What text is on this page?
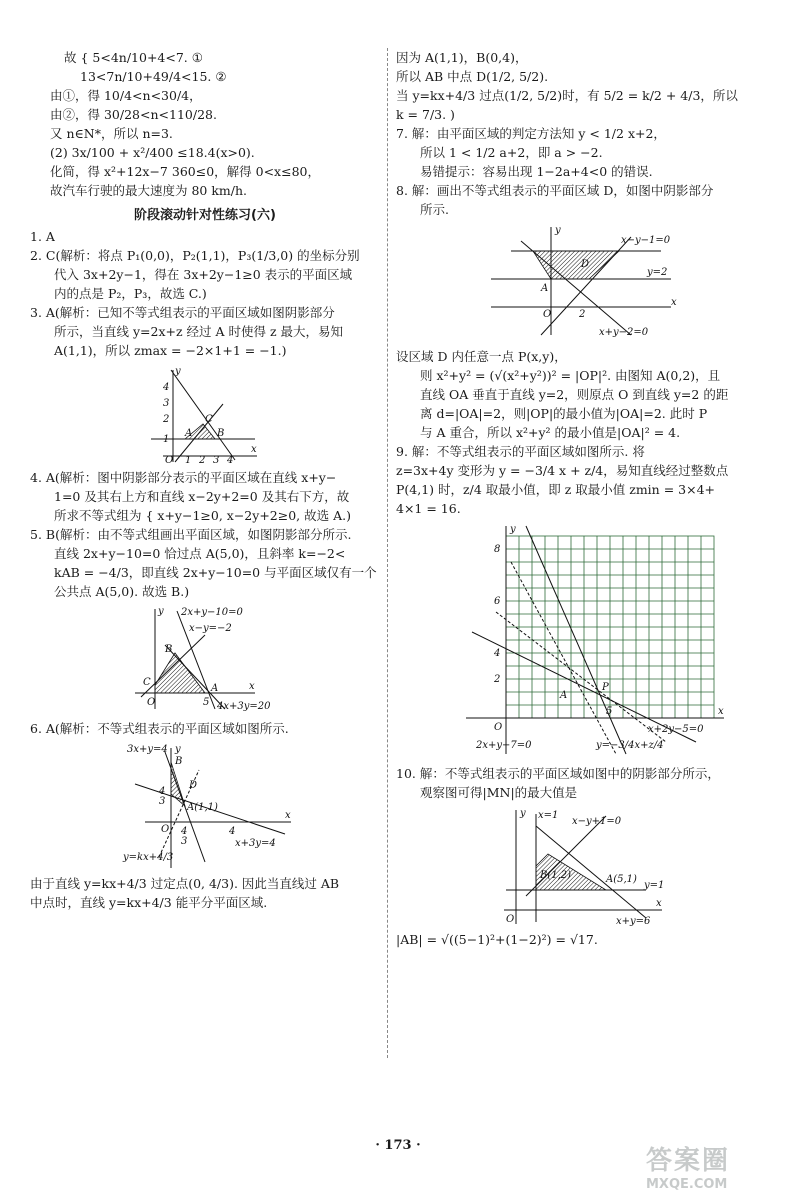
故 { 5<4n/10+4<7. ①

13<7n/10+49/4<15. ②

由①，得 10/4<n<30/4，

由②，得 30/28<n<110/28.

又 n∈N*，所以 n=3.

(2) 3x/100 + x²/400 ≤18.4(x>0).

化简，得 x²+12x−7 360≤0，解得 0<x≤80，

故汽车行驶的最大速度为 80 km/h.

阶段滚动针对性练习(六)

1. A

2. C(解析：将点 P₁(0,0)，P₂(1,1)，P₃(1/3,0) 的坐标分别

代入 3x+2y−1，得在 3x+2y−1≥0 表示的平面区域

内的点是 P₂，P₃，故选 C.)

3. A(解析：已知不等式组表示的平面区域如图阴影部分

所示，当直线 y=2x+z 经过 A 时使得 z 最大，易知

A(1,1)，所以 zmax = −2×1+1 = −1.)

y
4
3
2
1
O 1 2 3 4
x
A B
C

4. A(解析：图中阴影部分表示的平面区域在直线 x+y−

1=0 及其右上方和直线 x−2y+2=0 及其右下方，故

所求不等式组为 { x+y−1≥0, x−2y+2≥0, 故选 A.)

5. B(解析：由不等式组画出平面区域，如图阴影部分所示.

直线 2x+y−10=0 恰过点 A(5,0)，且斜率 k=−2<

kAB = −4/3，即直线 2x+y−10=0 与平面区域仅有一个

公共点 A(5,0). 故选 B.)

y 2x+y−10=0
x−y=−2
B
C
O	5
A	x
4x+3y=20

6. A(解析：不等式组表示的平面区域如图所示.

3x+y=4 y
B
D
4
3
A(1,1)
O 4
3
4
x
x+3y=4
y=kx+4/3

由于直线 y=kx+4/3 过定点(0, 4/3). 因此当直线过 AB

中点时，直线 y=kx+4/3 能平分平面区域.

因为 A(1,1)，B(0,4)，

所以 AB 中点 D(1/2, 5/2).

当 y=kx+4/3 过点(1/2, 5/2)时，有 5/2 = k/2 + 4/3，所以

k = 7/3. )

7. 解：由平面区域的判定方法知 y < 1/2 x+2，

所以 1 < 1/2 a+2，即 a > −2.

易错提示：容易出现 1−2a+4<0 的错误.

8. 解：画出不等式组表示的平面区域 D，如图中阴影部分

所示.

y
x−y−1=0
D
y=2
A
O	2
x
x+y−2=0

设区域 D 内任意一点 P(x,y)，

则 x²+y² = (√(x²+y²))² = |OP|². 由图知 A(0,2)，且

直线 OA 垂直于直线 y=2，则原点 O 到直线 y=2 的距

离 d=|OA|=2，则|OP|的最小值为|OA|=2. 此时 P

与 A 重合，所以 x²+y² 的最小值是|OA|² = 4.

9. 解：不等式组表示的平面区域如图所示. 将

z=3x+4y 变形为 y = −3/4 x + z/4，易知直线经过整数点

P(4,1) 时，z/4 取最小值，即 z 取最小值 zmin = 3×4+

4×1 = 16.

y
8
6
4
2
O
A
P
5	x
x+2y−5=0
2x+y−7=0	y=−3/4x+z/4

10. 解：不等式组表示的平面区域如图中的阴影部分所示，

观察图可得|MN|的最大值是

y x=1
x−y+1=0
B(1,2)	A(5,1)
y=1
O	x+y=6
x

|AB| = √((5−1)²+(1−2)²) = √17.

· 173 ·
答案圈
MXQE.COM
